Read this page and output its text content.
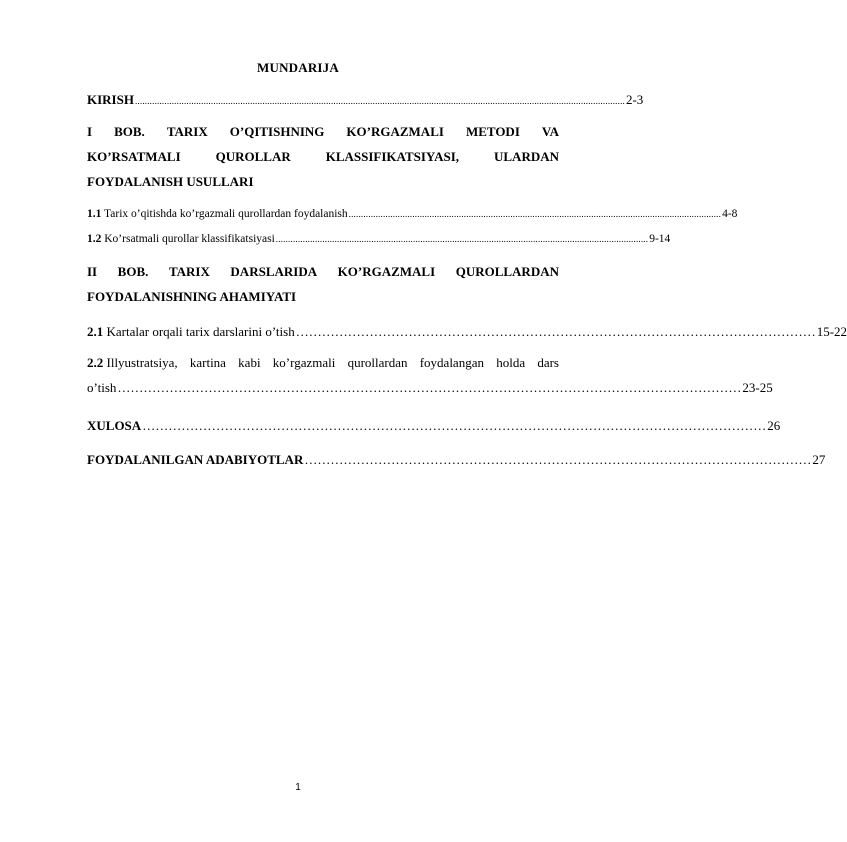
MUNDARIJA
KIRISH ........................................................................................................................................................................................................ 2-3
I BOB. TARIX O’QITISHNING KO’RGAZMALI METODI VA
KO’RSATMALI	QUROLLAR	KLASSIFIKATSIYASI,	ULARDAN
FOYDALANISH USULLARI
1.1 Tarix o’qitishda ko’rgazmali qurollardan foydalanish ........................................................................................................................................................ 4-8
1.2 Ko’rsatmali qurollar klassifikatsiyasi ........................................................................................................................................................ 9-14
II BOB. TARIX DARSLARIDA KO’RGAZMALI QUROLLARDAN
FOYDALANISHNING AHAMIYATI
2.1 Kartalar orqali tarix darslarini o’tish ………………………………………………………………………………………………………… 15-22
2.2 Illyustratsiya, kartina kabi ko’rgazmali qurollardan foydalangan holda dars
o’tish ……………………………………………………………………………………………………………………………… 23-25
XULOSA ……………………………………………………………………………………………………………………………… 26
FOYDALANILGAN ADABIYOTLAR ……………………………………………………………………………………………………… 27
1
